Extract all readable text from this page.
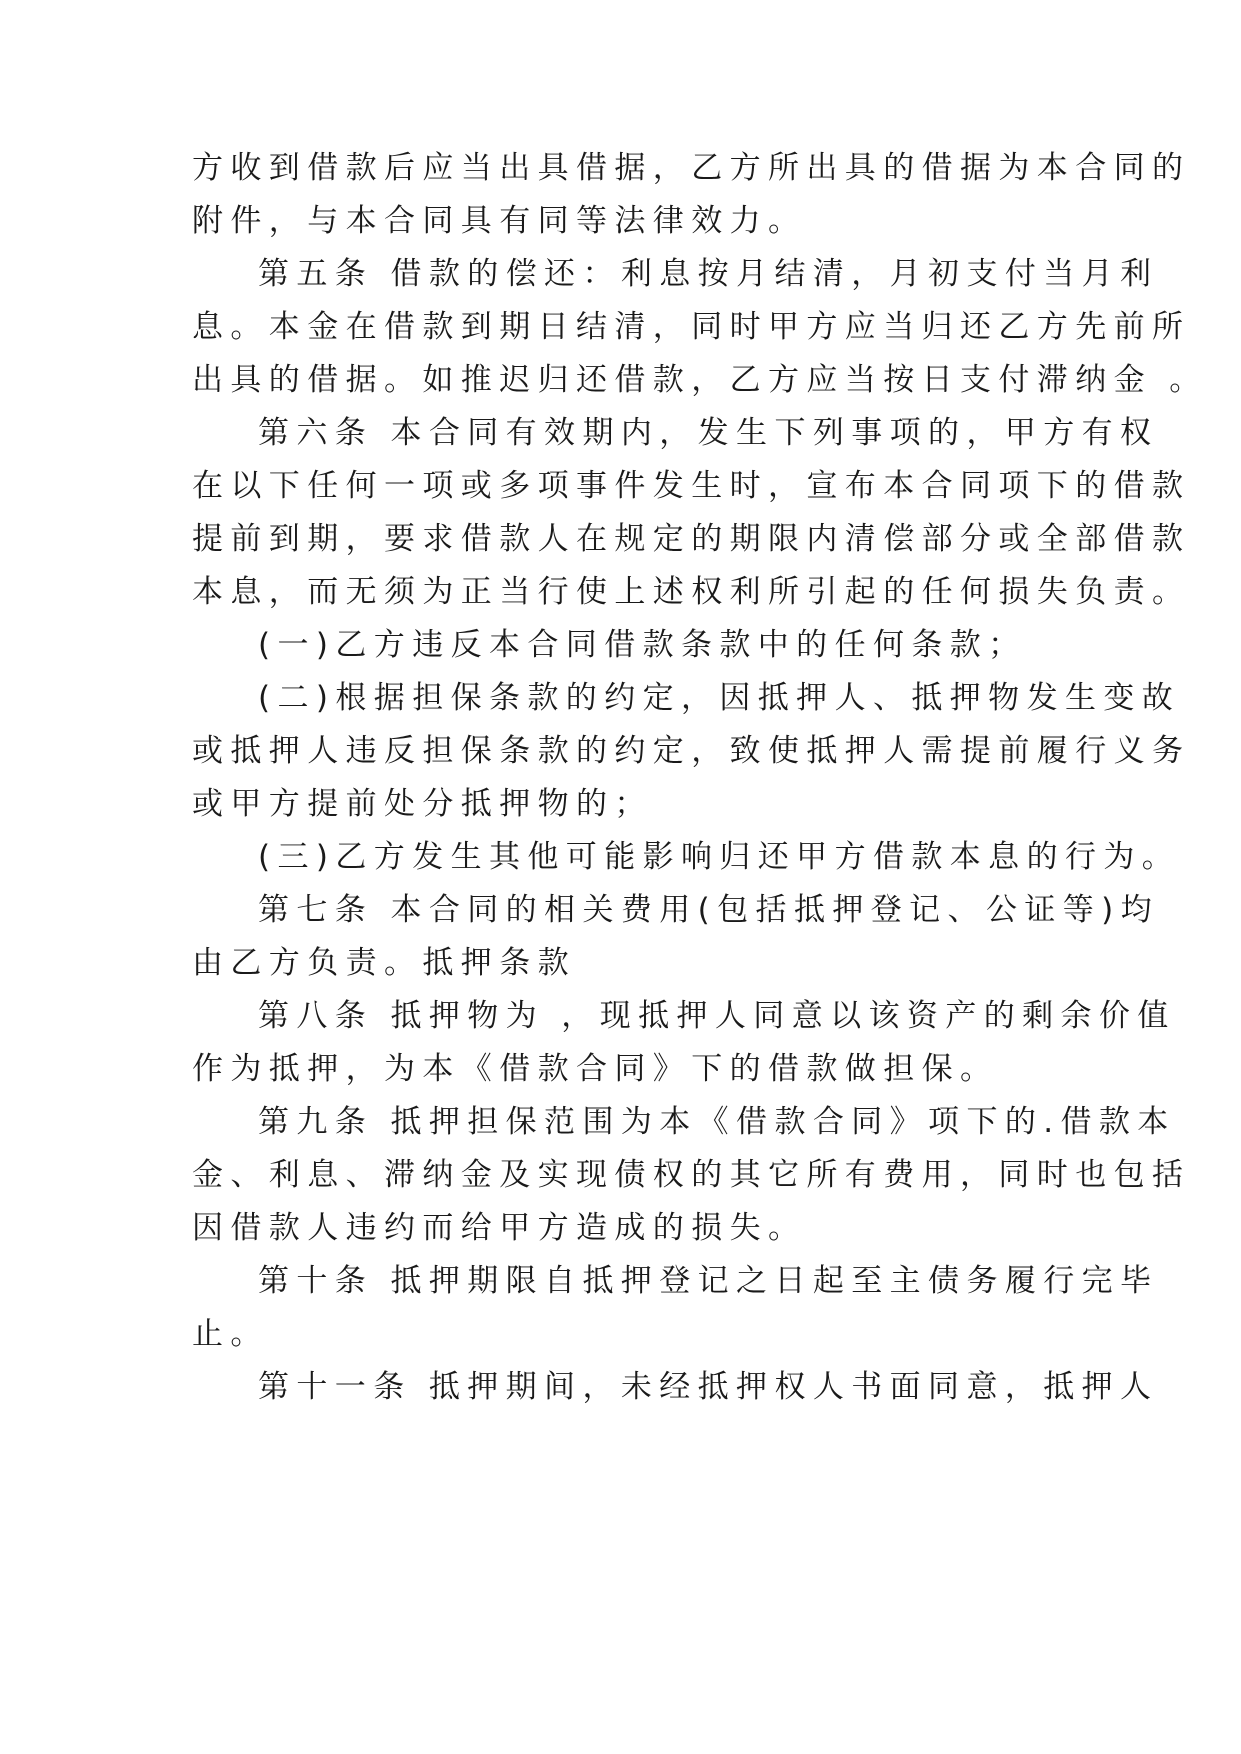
方收到借款后应当出具借据，乙方所出具的借据为本合同的
附件，与本合同具有同等法律效力。
第五条 借款的偿还：利息按月结清，月初支付当月利
息。本金在借款到期日结清，同时甲方应当归还乙方先前所
出具的借据。如推迟归还借款，乙方应当按日支付滞纳金 。
第六条 本合同有效期内，发生下列事项的，甲方有权
在以下任何一项或多项事件发生时，宣布本合同项下的借款
提前到期，要求借款人在规定的期限内清偿部分或全部借款
本息，而无须为正当行使上述权利所引起的任何损失负责。
(一)乙方违反本合同借款条款中的任何条款；
(二)根据担保条款的约定，因抵押人、抵押物发生变故
或抵押人违反担保条款的约定，致使抵押人需提前履行义务
或甲方提前处分抵押物的；
(三)乙方发生其他可能影响归还甲方借款本息的行为。
第七条 本合同的相关费用(包括抵押登记、公证等)均
由乙方负责。抵押条款
第八条 抵押物为 ，现抵押人同意以该资产的剩余价值
作为抵押，为本《借款合同》下的借款做担保。
第九条 抵押担保范围为本《借款合同》项下的.借款本
金、利息、滞纳金及实现债权的其它所有费用，同时也包括
因借款人违约而给甲方造成的损失。
第十条 抵押期限自抵押登记之日起至主债务履行完毕
止。
第十一条 抵押期间，未经抵押权人书面同意，抵押人
